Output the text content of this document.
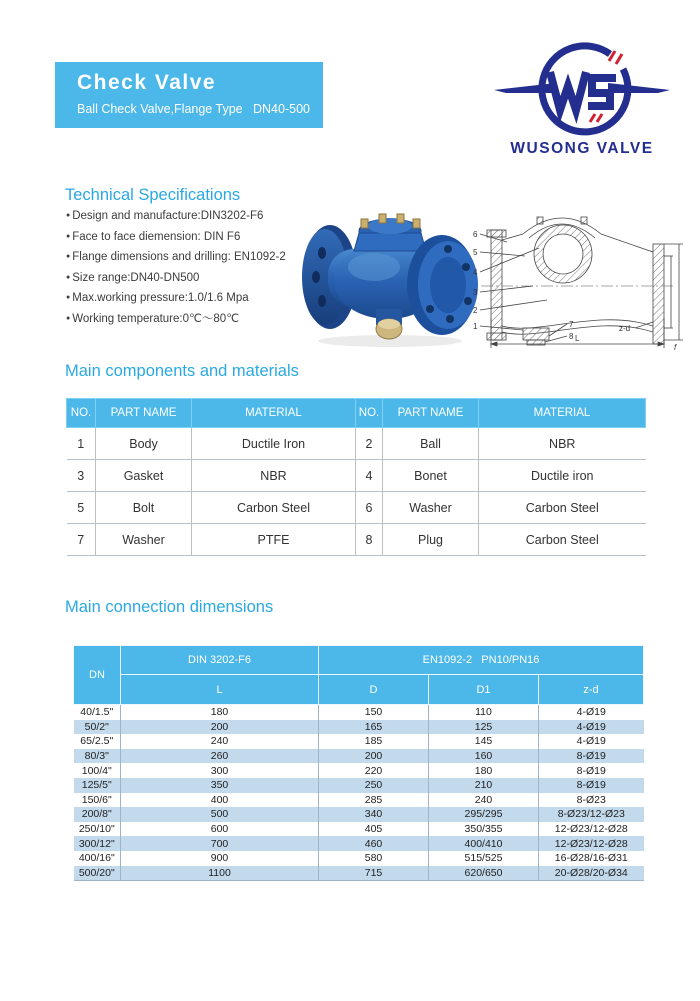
Check Valve
Ball Check Valve,Flange Type DN40-500
WUSONG VALVE
Technical Specifications
● Design and manufacture:DIN3202-F6
● Face to face diemension: DIN F6
● Flange dimensions and drilling: EN1092-2
● Size range:DN40-DN500
● Max.working pressure:1.0/1.6 Mpa
● Working temperature:0℃～80℃
6
5
4
3
2
1	7
8
z-d
L
f
Main components and materials
NO.	PART NAME	MATERIAL	NO.	PART NAME	MATERIAL
1	Body	Ductile Iron	2	Ball	NBR
3	Gasket	NBR	4	Bonet	Ductile iron
5	Bolt	Carbon Steel	6	Washer	Carbon Steel
7	Washer	PTFE	8	Plug	Carbon Steel
Main connection dimensions
DN	DIN 3202-F6	EN1092-2   PN10/PN16		
	L	D	D1	z-d
40/1.5"	180	150	110	4-Ø19
50/2"	200	165	125	4-Ø19
65/2.5"	240	185	145	4-Ø19
80/3"	260	200	160	8-Ø19
100/4"	300	220	180	8-Ø19
125/5"	350	250	210	8-Ø19
150/6"	400	285	240	8-Ø23
200/8"	500	340	295/295	8-Ø23/12-Ø23
250/10"	600	405	350/355	12-Ø23/12-Ø28
300/12"	700	460	400/410	12-Ø23/12-Ø28
400/16"	900	580	515/525	16-Ø28/16-Ø31
500/20"	1100	715	620/650	20-Ø28/20-Ø34
